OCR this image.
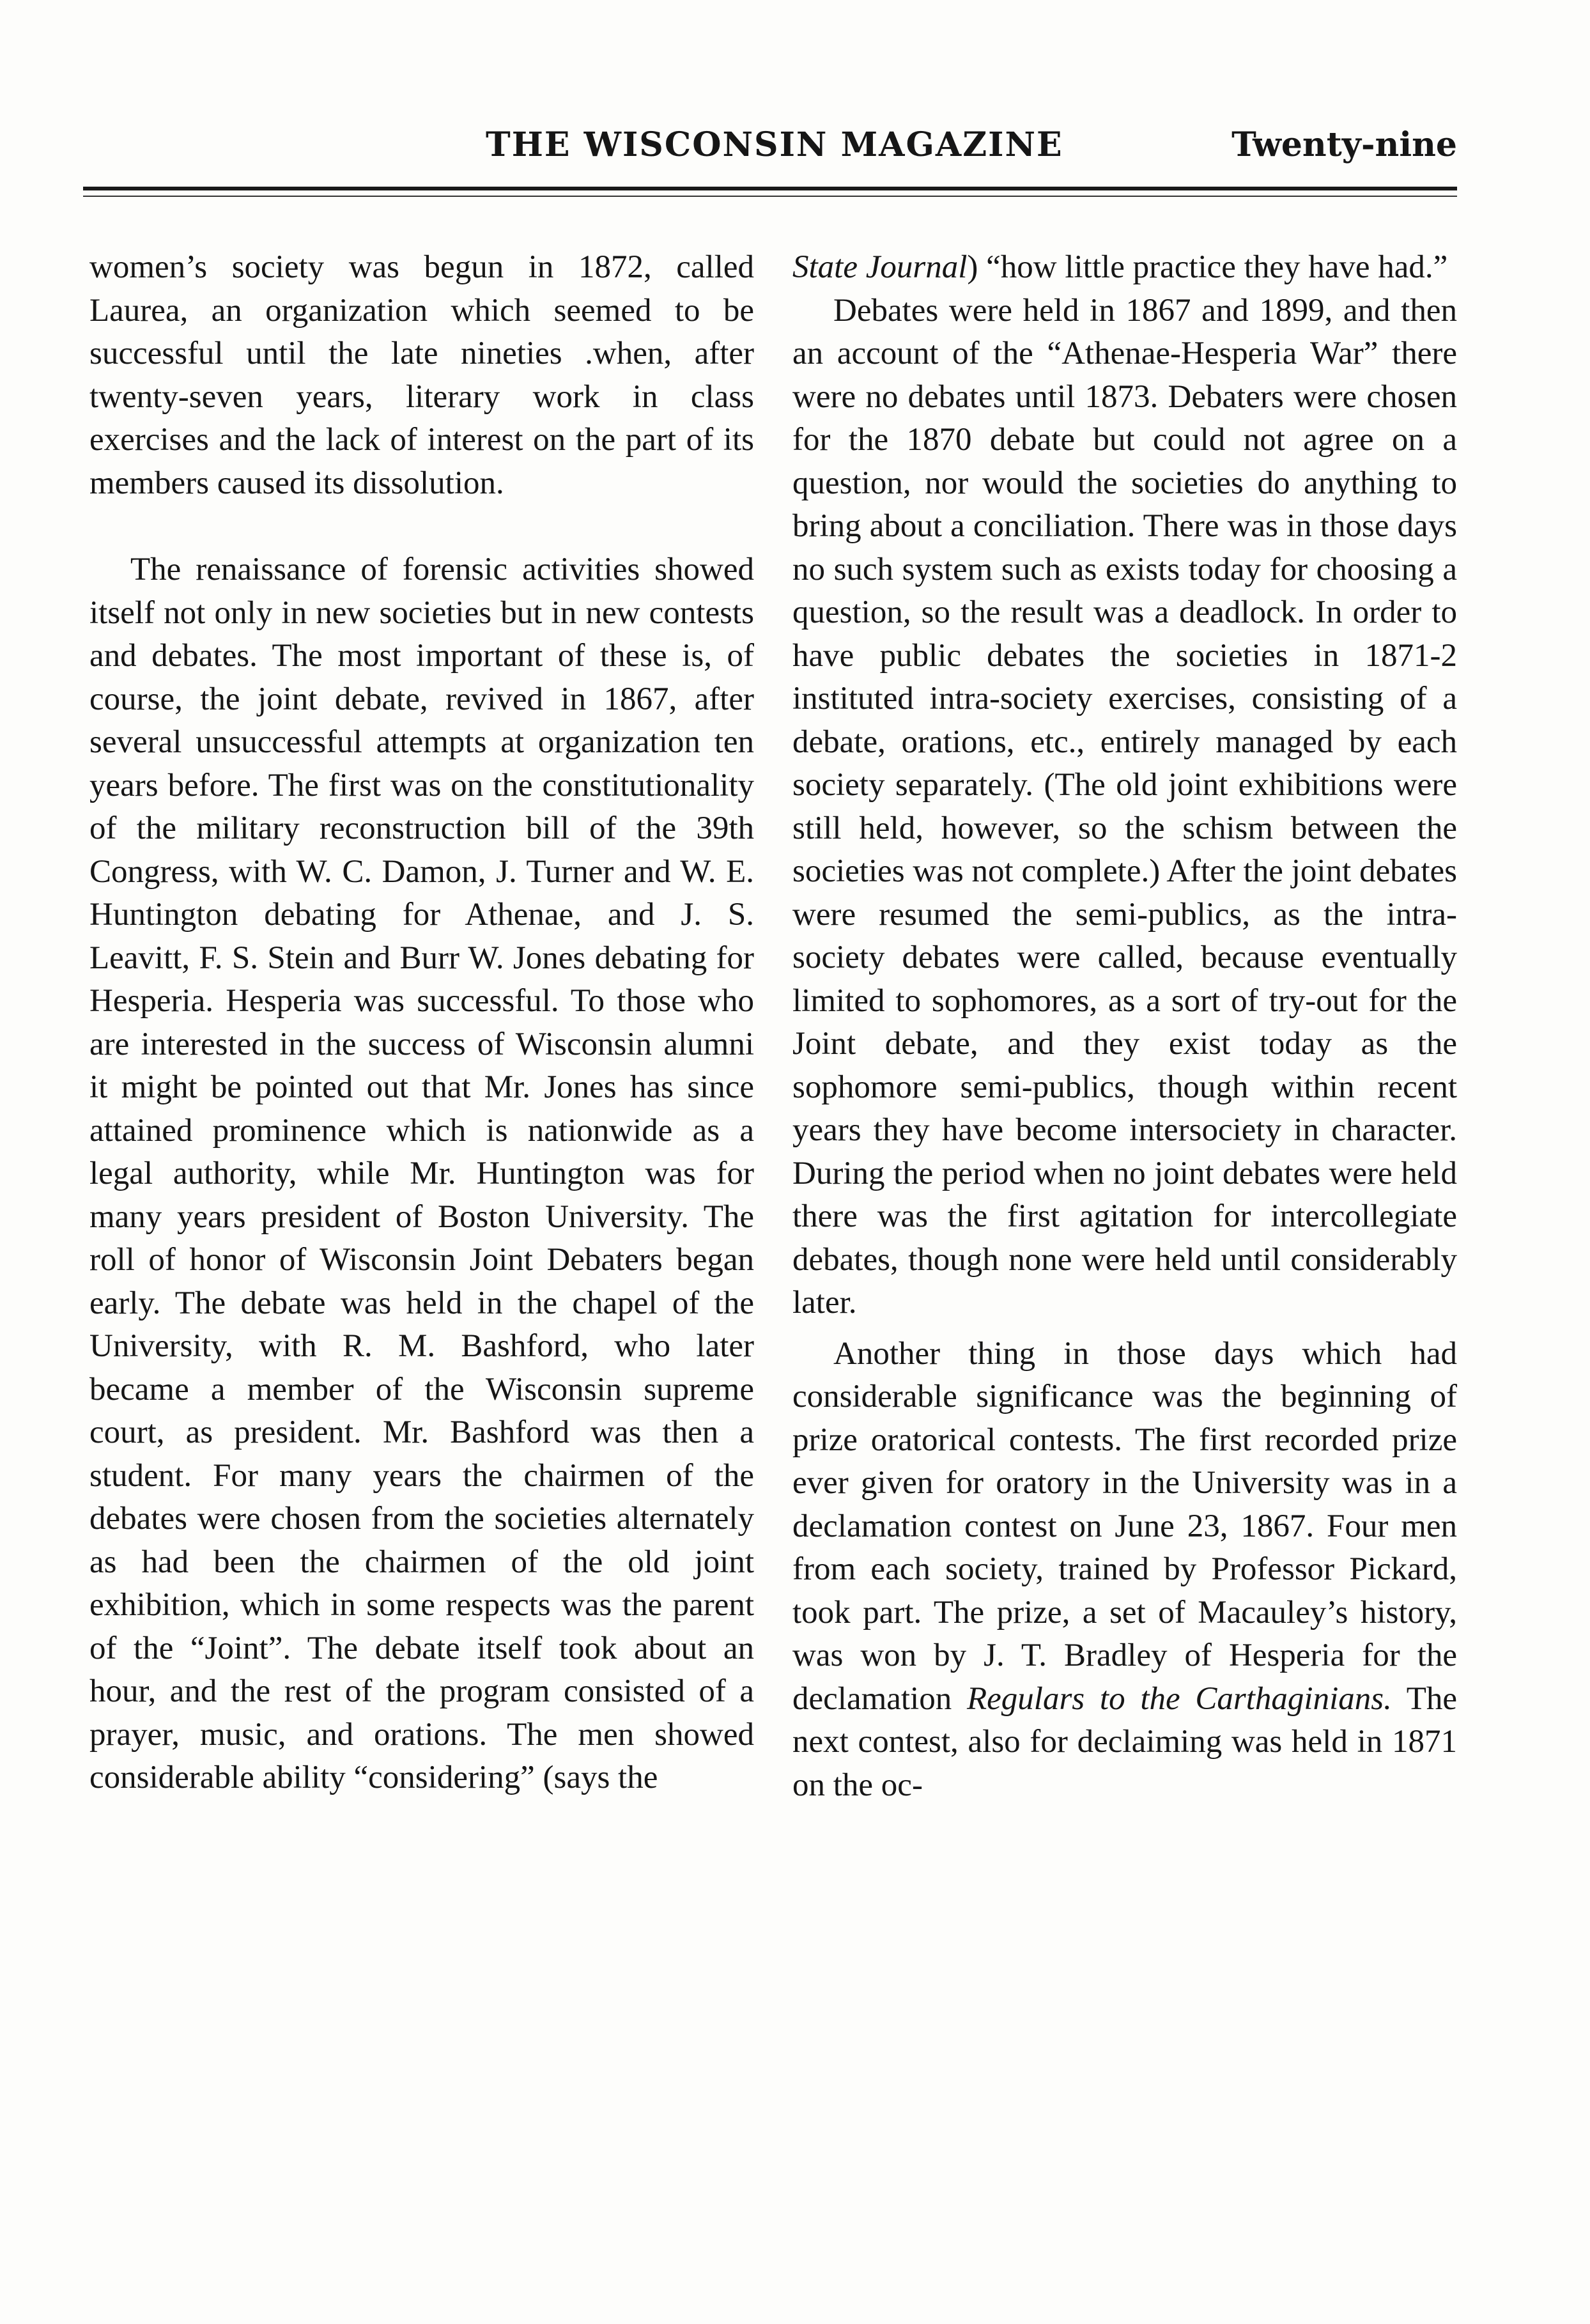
THE WISCONSIN MAGAZINE	Twenty-nine

women’s society was begun in 1872, called Laurea, an organization which seemed to be successful until the late nineties .when, after twenty-seven years, literary work in class exercises and the lack of interest on the part of its members caused its dissolution.

The renaissance of forensic activities showed itself not only in new societies but in new contests and debates. The most important of these is, of course, the joint debate, revived in 1867, after several unsuccessful attempts at organization ten years before. The first was on the constitutionality of the military reconstruction bill of the 39th Congress, with W. C. Damon, J. Turner and W. E. Huntington debating for Athenae, and J. S. Leavitt, F. S. Stein and Burr W. Jones debating for Hesperia. Hesperia was successful. To those who are interested in the success of Wisconsin alumni it might be pointed out that Mr. Jones has since attained prominence which is nationwide as a legal authority, while Mr. Huntington was for many years president of Boston University. The roll of honor of Wisconsin Joint Debaters began early. The debate was held in the chapel of the University, with R. M. Bashford, who later became a member of the Wisconsin supreme court, as president. Mr. Bashford was then a student. For many years the chairmen of the debates were chosen from the societies alternately as had been the chairmen of the old joint exhibition, which in some respects was the parent of the “Joint”. The debate itself took about an hour, and the rest of the program consisted of a prayer, music, and orations. The men showed considerable ability “considering” (says the

State Journal) “how little practice they have had.”

Debates were held in 1867 and 1899, and then an account of the “Athenae-Hesperia War” there were no debates until 1873. Debaters were chosen for the 1870 debate but could not agree on a question, nor would the societies do anything to bring about a conciliation. There was in those days no such system such as exists today for choosing a question, so the result was a deadlock. In order to have public debates the societies in 1871-2 instituted intra-society exercises, consisting of a debate, orations, etc., entirely managed by each society separately. (The old joint exhibitions were still held, however, so the schism between the societies was not complete.) After the joint debates were resumed the semi-publics, as the intra-society debates were called, because eventually limited to sophomores, as a sort of try-out for the Joint debate, and they exist today as the sophomore semi-publics, though within recent years they have become intersociety in character. During the period when no joint debates were held there was the first agitation for intercollegiate debates, though none were held until considerably later.

Another thing in those days which had considerable significance was the beginning of prize oratorical contests. The first recorded prize ever given for oratory in the University was in a declamation contest on June 23, 1867. Four men from each society, trained by Professor Pickard, took part. The prize, a set of Macauley’s history, was won by J. T. Bradley of Hesperia for the declamation Regulars to the Carthaginians. The next contest, also for declaiming was held in 1871 on the oc-
